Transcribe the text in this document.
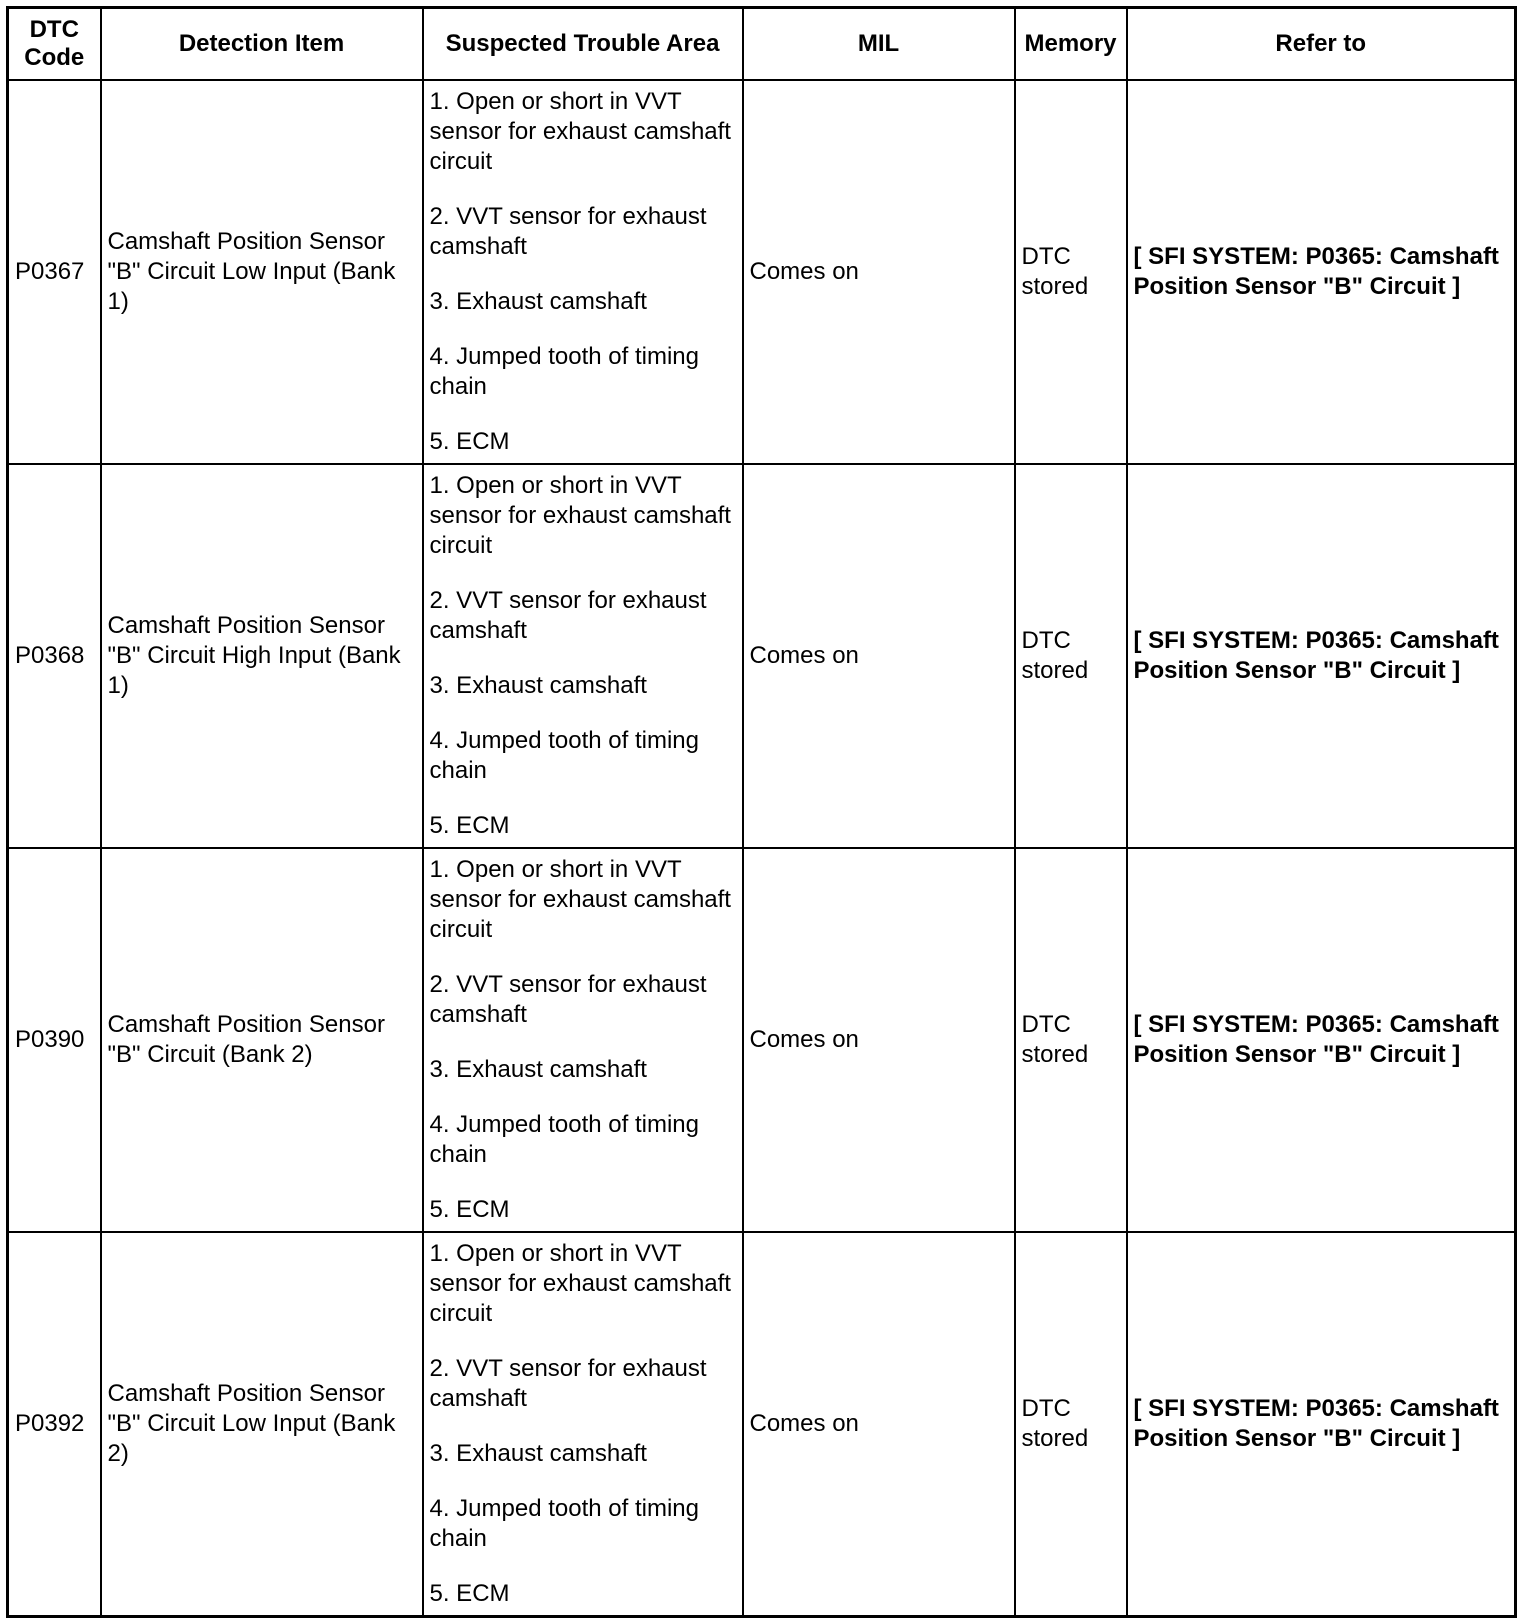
DTC Code	Detection Item	Suspected Trouble Area	MIL	Memory	Refer to
P0367	Camshaft Position Sensor "B" Circuit Low Input (Bank 1)	1. Open or short in VVT sensor for exhaust camshaft circuit

2. VVT sensor for exhaust camshaft

3. Exhaust camshaft

4. Jumped tooth of timing chain

5. ECM	Comes on	DTC stored	[ SFI SYSTEM: P0365: Camshaft Position Sensor "B" Circuit ]
P0368	Camshaft Position Sensor "B" Circuit High Input (Bank 1)	1. Open or short in VVT sensor for exhaust camshaft circuit

2. VVT sensor for exhaust camshaft

3. Exhaust camshaft

4. Jumped tooth of timing chain

5. ECM	Comes on	DTC stored	[ SFI SYSTEM: P0365: Camshaft Position Sensor "B" Circuit ]
P0390	Camshaft Position Sensor "B" Circuit (Bank 2)	1. Open or short in VVT sensor for exhaust camshaft circuit

2. VVT sensor for exhaust camshaft

3. Exhaust camshaft

4. Jumped tooth of timing chain

5. ECM	Comes on	DTC stored	[ SFI SYSTEM: P0365: Camshaft Position Sensor "B" Circuit ]
P0392	Camshaft Position Sensor "B" Circuit Low Input (Bank 2)	1. Open or short in VVT sensor for exhaust camshaft circuit

2. VVT sensor for exhaust camshaft

3. Exhaust camshaft

4. Jumped tooth of timing chain

5. ECM	Comes on	DTC stored	[ SFI SYSTEM: P0365: Camshaft Position Sensor "B" Circuit ]
